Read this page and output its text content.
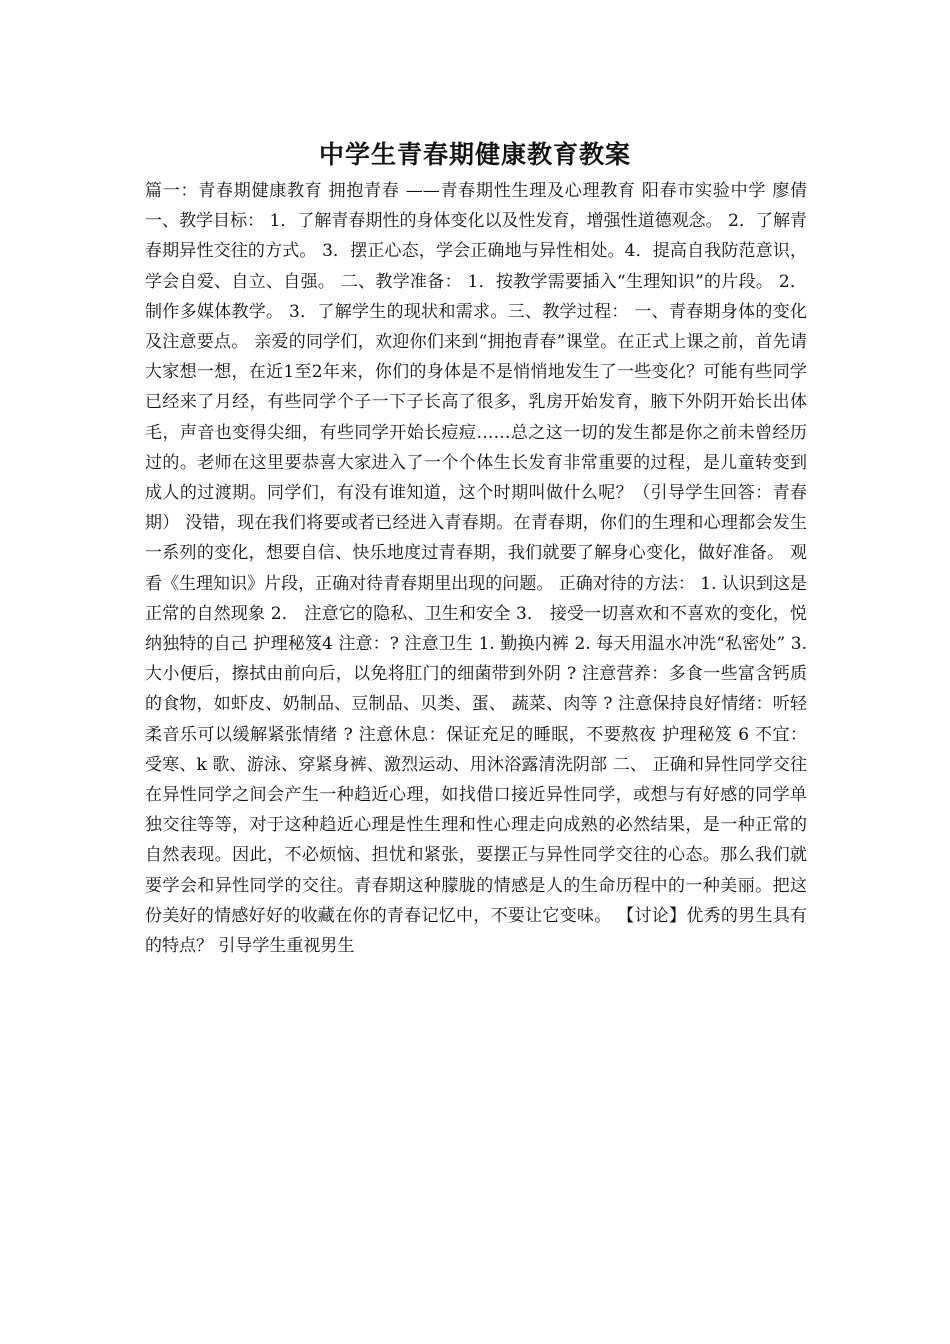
中学生青春期健康教育教案
篇一：青春期健康教育 拥抱青春 ——青春期性生理及心理教育 阳春市实验中学 廖倩 一、教学目标： 1．了解青春期性的身体变化以及性发育，增强性道德观念。 2．了解青春期异性交往的方式。 3．摆正心态，学会正确地与异性相处。4．提高自我防范意识，学会自爱、自立、自强。 二、教学准备： 1．按教学需要插入“生理知识”的片段。 2．制作多媒体教学。 3．了解学生的现状和需求。三、教学过程： 一、青春期身体的变化及注意要点。 亲爱的同学们，欢迎你们来到“拥抱青春”课堂。在正式上课之前，首先请大家想一想，在近1至2年来，你们的身体是不是悄悄地发生了一些变化？可能有些同学已经来了月经，有些同学个子一下子长高了很多，乳房开始发育，腋下外阴开始长出体毛，声音也变得尖细，有些同学开始长痘痘……总之这一切的发生都是你之前未曾经历过的。老师在这里要恭喜大家进入了一个个体生长发育非常重要的过程，是儿童转变到成人的过渡期。同学们，有没有谁知道，这个时期叫做什么呢？（引导学生回答：青春期） 没错，现在我们将要或者已经进入青春期。在青春期，你们的生理和心理都会发生一系列的变化，想要自信、快乐地度过青春期，我们就要了解身心变化，做好准备。 观看《生理知识》片段，正确对待青春期里出现的问题。 正确对待的方法： 1. 认识到这是正常的自然现象 2． 注意它的隐私、卫生和安全 3． 接受一切喜欢和不喜欢的变化，悦纳独特的自己 护理秘笈4 注意：? 注意卫生 1. 勤换内裤 2. 每天用温水冲洗“私密处” 3. 大小便后，擦拭由前向后，以免将肛门的细菌带到外阴 ? 注意营养：多食一些富含钙质的食物，如虾皮、奶制品、豆制品、贝类、蛋、 蔬菜、肉等 ? 注意保持良好情绪：听轻柔音乐可以缓解紧张情绪 ? 注意休息：保证充足的睡眠，不要熬夜 护理秘笈 6 不宜： 受寒、k 歌、游泳、穿紧身裤、激烈运动、用沐浴露清洗阴部 二、 正确和异性同学交往 在异性同学之间会产生一种趋近心理，如找借口接近异性同学，或想与有好感的同学单独交往等等，对于这种趋近心理是性生理和性心理走向成熟的必然结果，是一种正常的自然表现。因此，不必烦恼、担忧和紧张，要摆正与异性同学交往的心态。那么我们就要学会和异性同学的交往。青春期这种朦胧的情感是人的生命历程中的一种美丽。把这份美好的情感好好的收藏在你的青春记忆中，不要让它变味。 【讨论】优秀的男生具有的特点？ 引导学生重视男生
